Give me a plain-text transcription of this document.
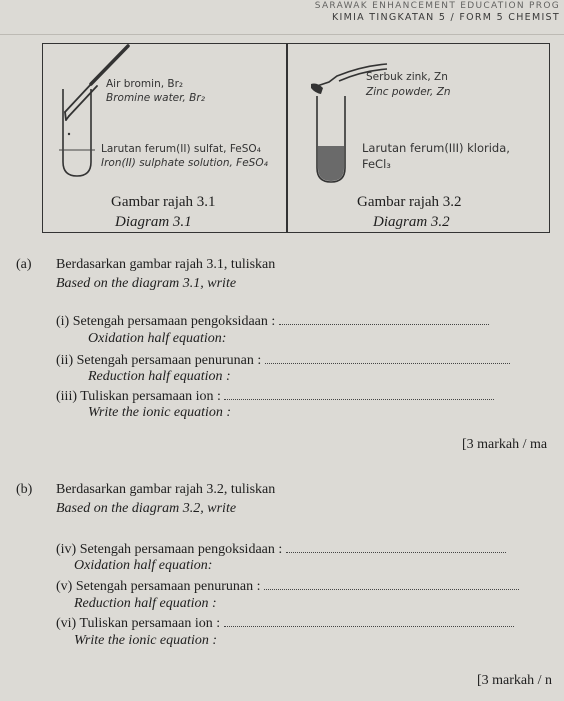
SARAWAK ENHANCEMENT EDUCATION PROG
KIMIA TINGKATAN 5 / FORM 5 CHEMIST
Air bromin, Br₂
Bromine water, Br₂
Larutan ferum(II) sulfat, FeSO₄
Iron(II) sulphate solution, FeSO₄
Gambar rajah 3.1
Diagram 3.1
Serbuk zink, Zn
Zinc powder, Zn
Larutan ferum(III) klorida,
FeCl₃
Gambar rajah 3.2
Diagram 3.2
(a) Berdasarkan gambar rajah 3.1, tuliskan
Based on the diagram 3.1, write
(i) Setengah persamaan pengoksidaan :
Oxidation half equation:
(ii) Setengah persamaan penurunan :
Reduction half equation :
(iii) Tuliskan persamaan ion :
Write the ionic equation :
[3 markah / ma
(b) Berdasarkan gambar rajah 3.2, tuliskan
Based on the diagram 3.2, write
(iv) Setengah persamaan pengoksidaan :
Oxidation half equation:
(v) Setengah persamaan penurunan :
Reduction half equation :
(vi) Tuliskan persamaan ion :
Write the ionic equation :
[3 markah / n
